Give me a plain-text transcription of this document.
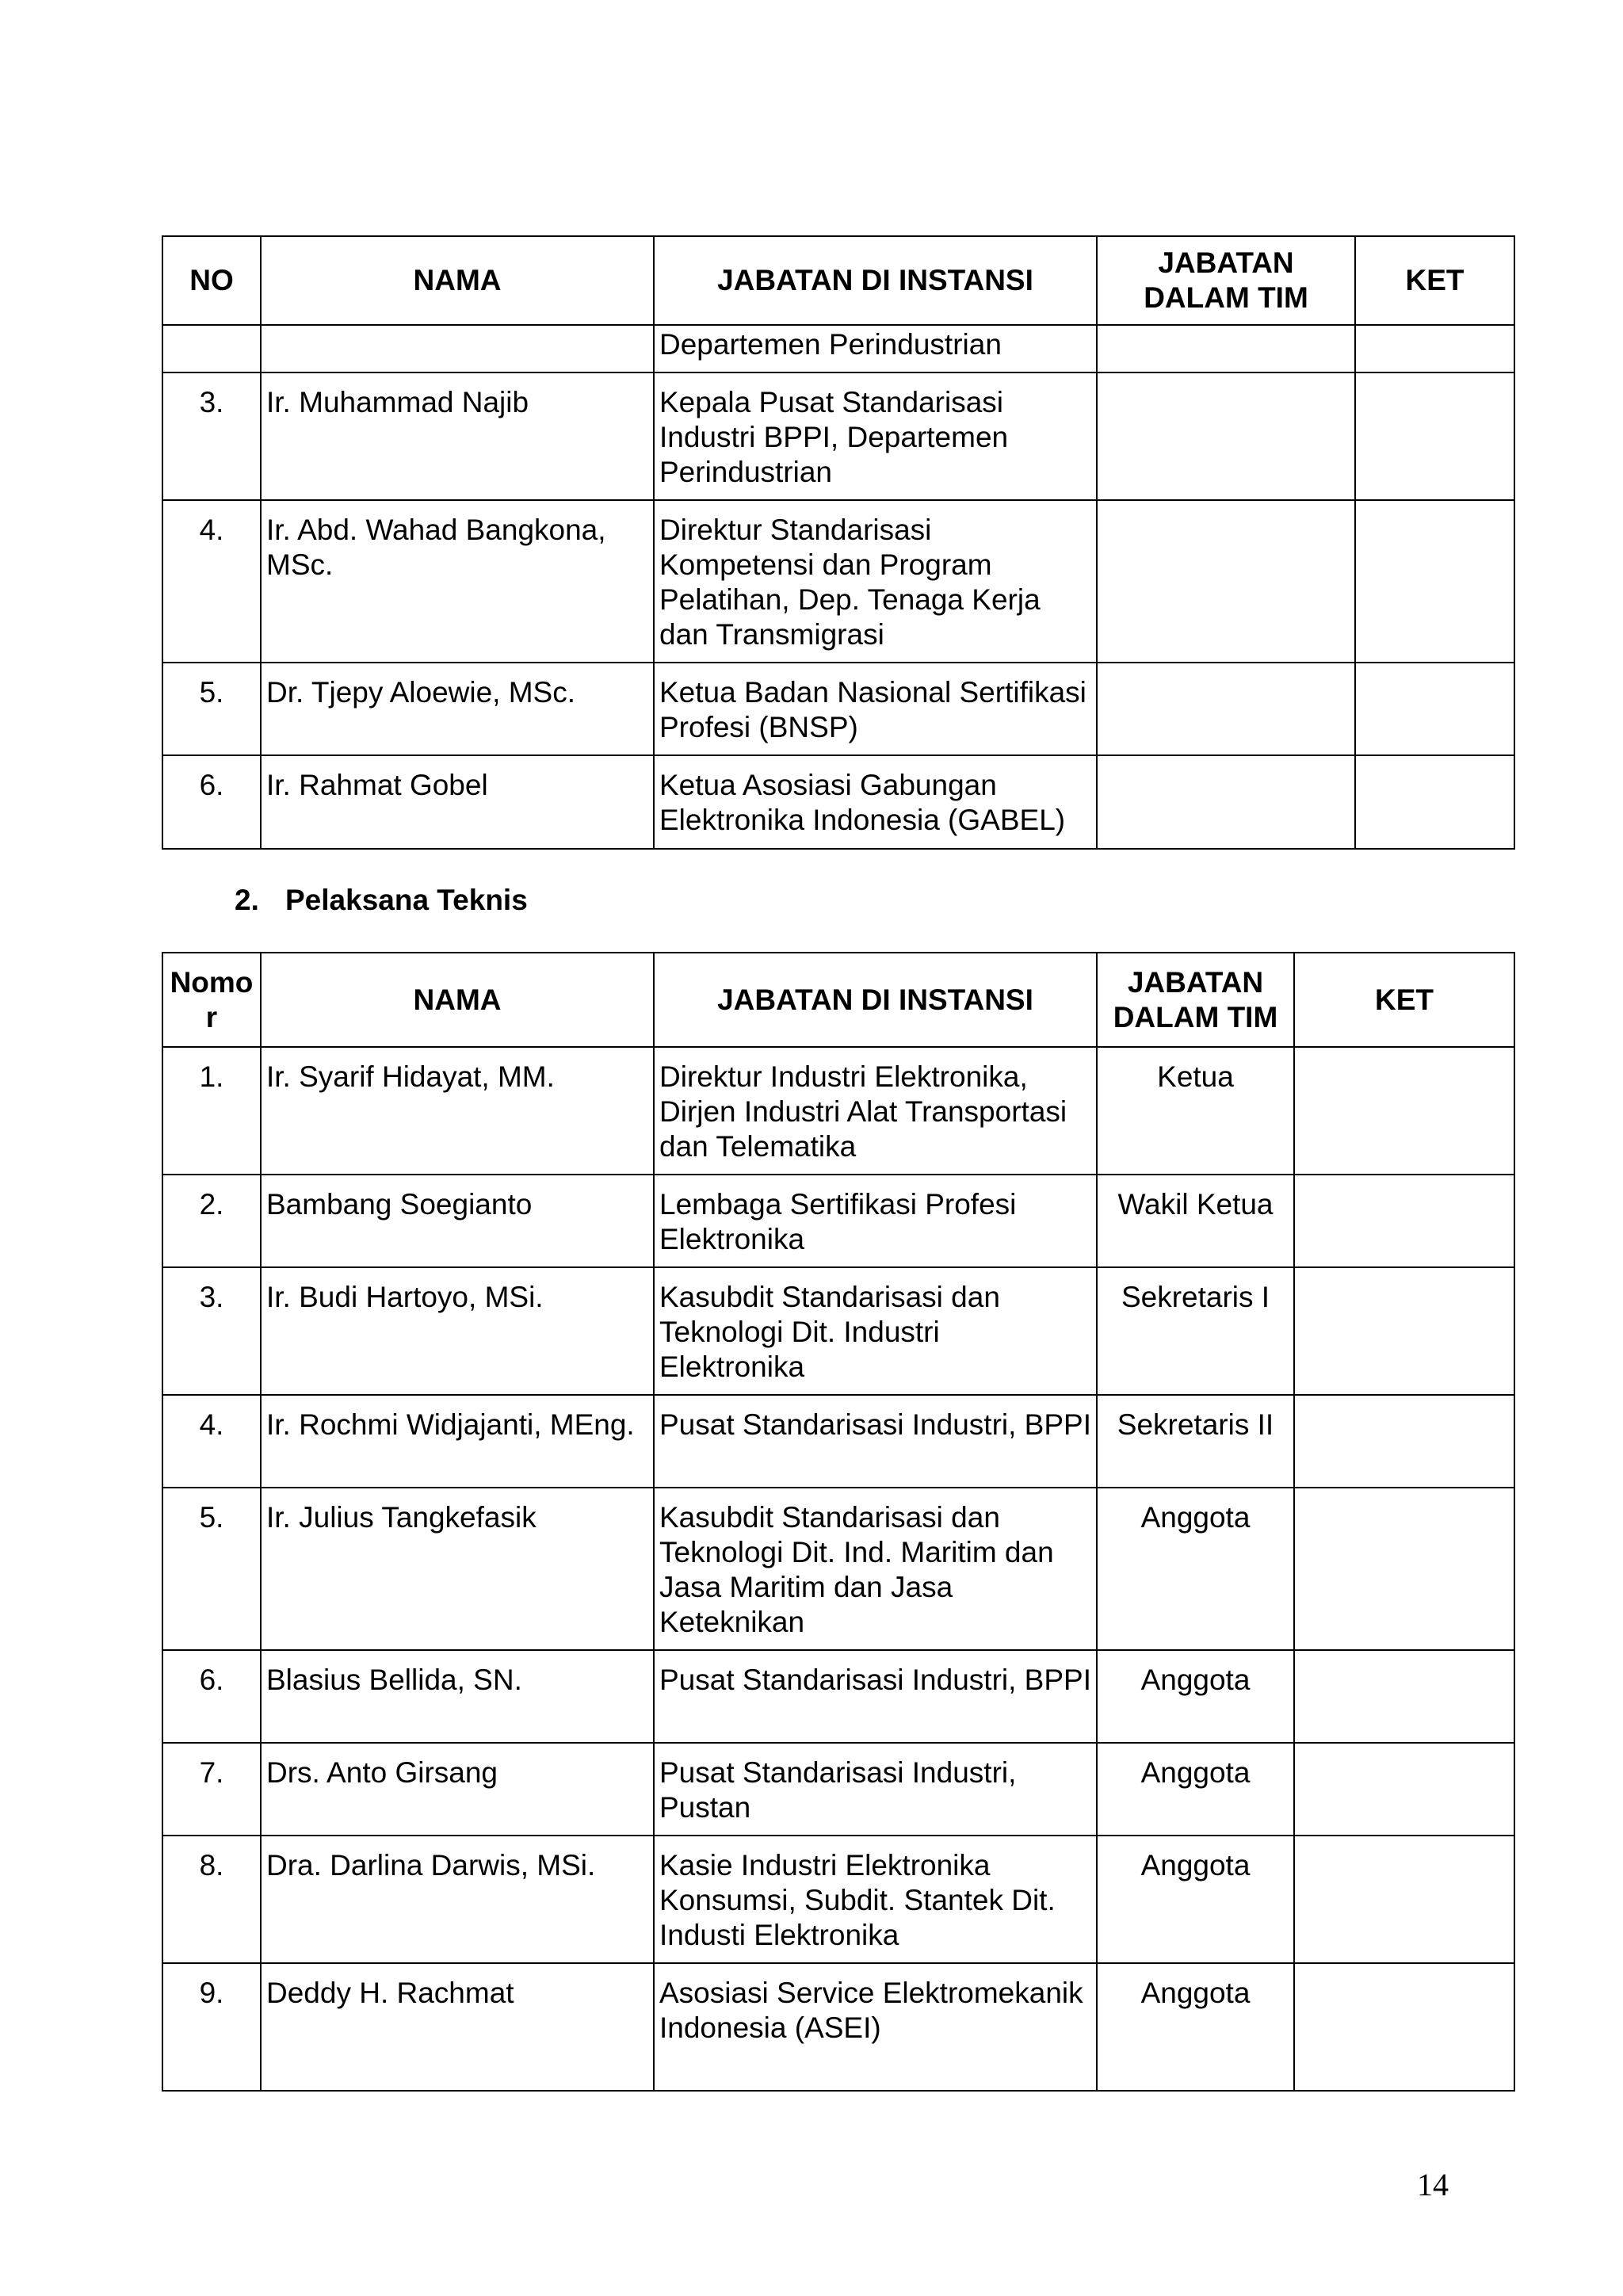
NO	NAMA	JABATAN DI INSTANSI	JABATAN DALAM TIM	KET
		Departemen Perindustrian		
3.	Ir. Muhammad Najib	Kepala Pusat Standarisasi Industri BPPI, Departemen Perindustrian		
4.	Ir. Abd. Wahad Bangkona, MSc.	Direktur Standarisasi Kompetensi dan Program Pelatihan, Dep. Tenaga Kerja dan Transmigrasi		
5.	Dr. Tjepy Aloewie, MSc.	Ketua Badan Nasional Sertifikasi Profesi (BNSP)		
6.	Ir. Rahmat Gobel	Ketua Asosiasi Gabungan Elektronika Indonesia (GABEL)		
2. Pelaksana Teknis
Nomor	NAMA	JABATAN DI INSTANSI	JABATAN DALAM TIM	KET
1.	Ir. Syarif Hidayat, MM.	Direktur Industri Elektronika, Dirjen Industri Alat Transportasi dan Telematika	Ketua	
2.	Bambang Soegianto	Lembaga Sertifikasi Profesi Elektronika	Wakil Ketua	
3.	Ir. Budi Hartoyo, MSi.	Kasubdit Standarisasi dan Teknologi Dit. Industri Elektronika	Sekretaris I	
4.	Ir. Rochmi Widjajanti, MEng.	Pusat Standarisasi Industri, BPPI	Sekretaris II	
5.	Ir. Julius Tangkefasik	Kasubdit Standarisasi dan Teknologi Dit. Ind. Maritim dan Jasa Maritim dan Jasa Keteknikan	Anggota	
6.	Blasius Bellida, SN.	Pusat Standarisasi Industri, BPPI	Anggota	
7.	Drs. Anto Girsang	Pusat Standarisasi Industri, Pustan	Anggota	
8.	Dra. Darlina Darwis, MSi.	Kasie Industri Elektronika Konsumsi, Subdit. Stantek Dit. Industi Elektronika	Anggota	
9.	Deddy H. Rachmat	Asosiasi Service Elektromekanik Indonesia (ASEI)	Anggota	
14
